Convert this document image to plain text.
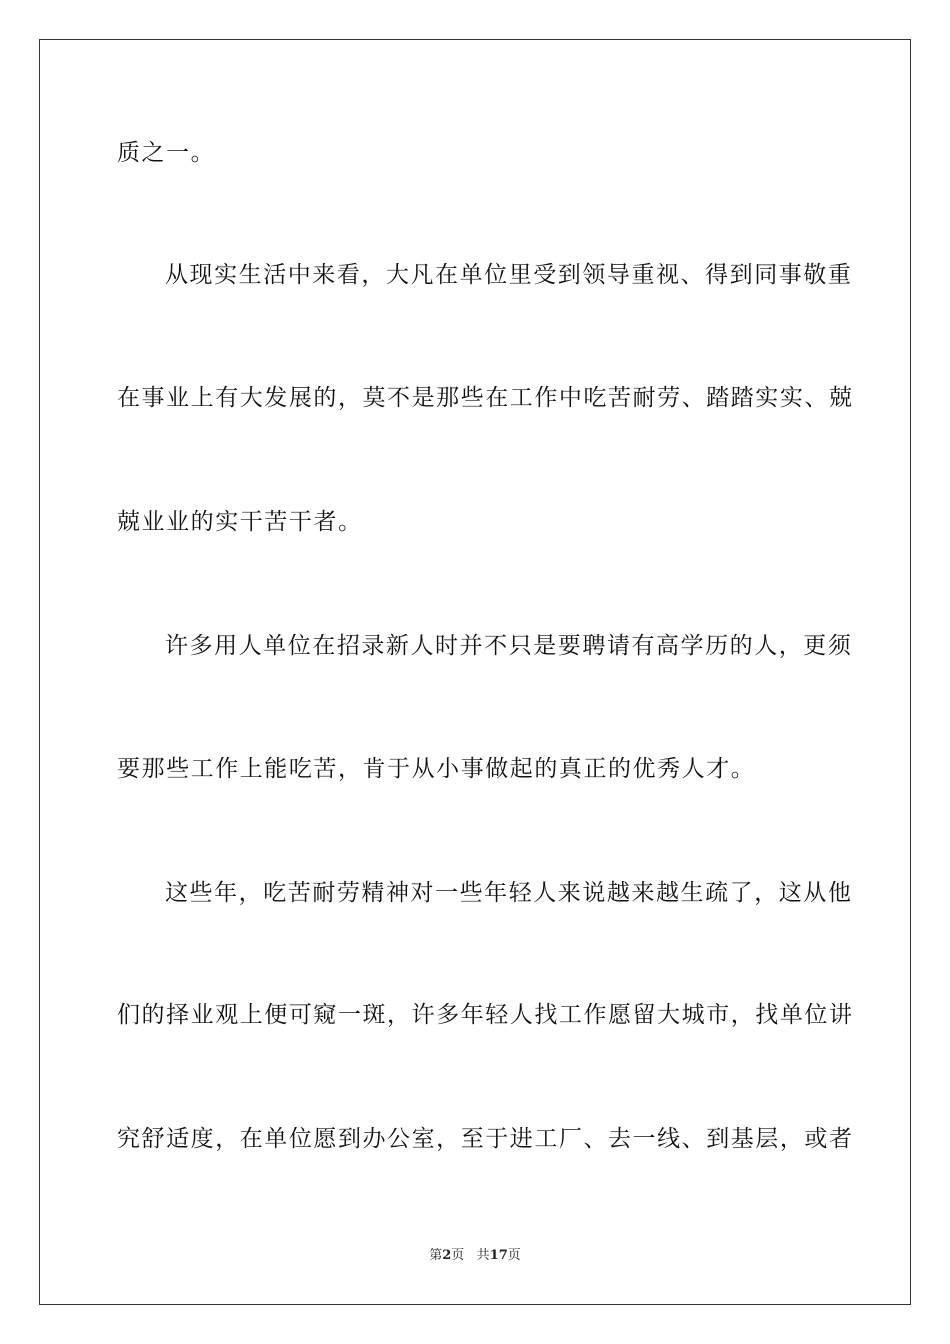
质之一。
从现实生活中来看，大凡在单位里受到领导重视、得到同事敬重
在事业上有大发展的，莫不是那些在工作中吃苦耐劳、踏踏实实、兢
兢业业的实干苦干者。
许多用人单位在招录新人时并不只是要聘请有高学历的人，更须
要那些工作上能吃苦，肯于从小事做起的真正的优秀人才。
这些年，吃苦耐劳精神对一些年轻人来说越来越生疏了，这从他
们的择业观上便可窥一斑，许多年轻人找工作愿留大城市，找单位讲
究舒适度，在单位愿到办公室，至于进工厂、去一线、到基层，或者
第2页 共17页
